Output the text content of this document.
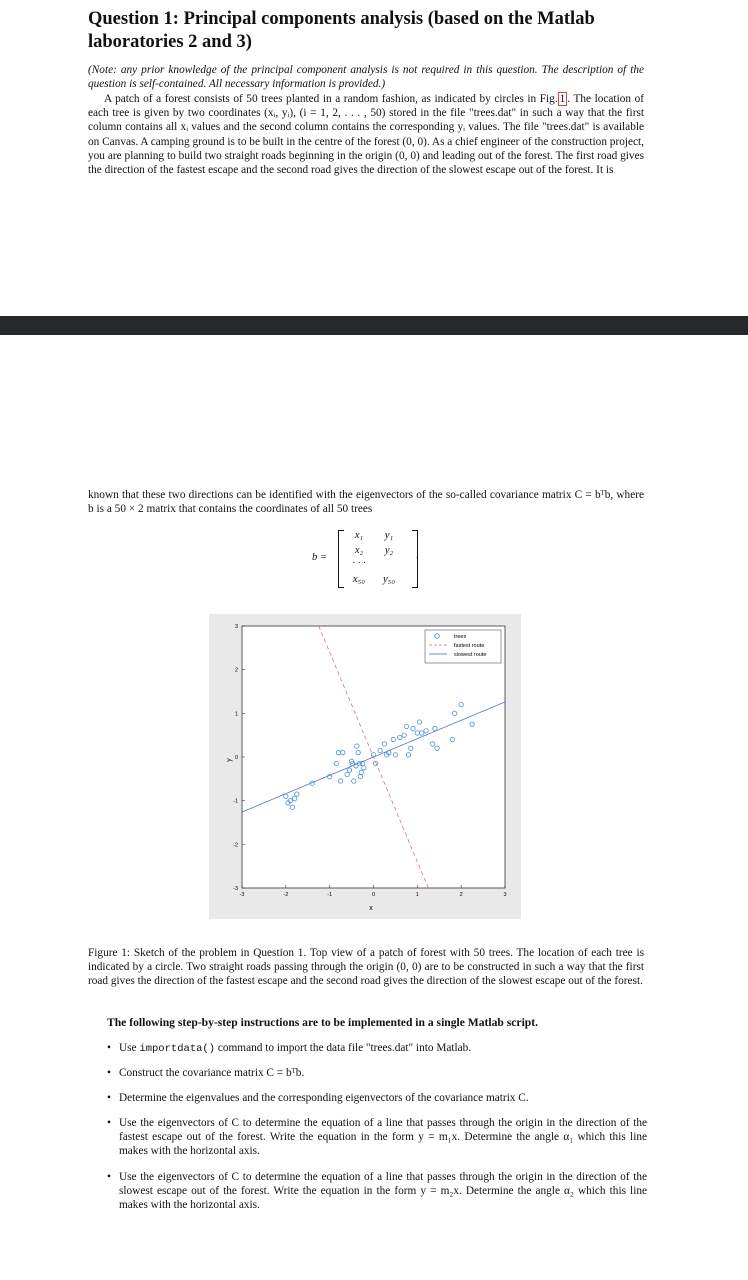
Question 1: Principal components analysis (based on the Matlab laboratories 2 and 3)
(Note: any prior knowledge of the principal component analysis is not required in this question. The description of the question is self-contained. All necessary information is provided.)
A patch of a forest consists of 50 trees planted in a random fashion, as indicated by circles in Fig. 1 . The location of each tree is given by two coordinates (xᵢ, yᵢ), (i = 1, 2, . . . , 50) stored in the file "trees.dat" in such a way that the first column contains all xᵢ values and the second column contains the corresponding yᵢ values. The file "trees.dat" is available on Canvas. A camping ground is to be built in the centre of the forest (0, 0). As a chief engineer of the construction project, you are planning to build two straight roads beginning in the origin (0, 0) and leading out of the forest. The first road gives the direction of the fastest escape and the second road gives the direction of the slowest escape out of the forest. It is
known that these two directions can be identified with the eigenvectors of the so-called covariance matrix C = bᵀb, where b is a 50 × 2 matrix that contains the coordinates of all 50 trees
b =
x₁	y₁
x₂	y₂
· · ·
x₅₀	y₅₀
.
-3	-2	-1	0	1	2	3
-3
-2
-1
0
1
2
3
x
y
trees
fastest route
slowest route
Figure 1: Sketch of the problem in Question 1. Top view of a patch of forest with 50 trees. The location of each tree is indicated by a circle. Two straight roads passing through the origin (0, 0) are to be constructed in such a way that the first road gives the direction of the fastest escape and the second road gives the direction of the slowest escape out of the forest.
The following step-by-step instructions are to be implemented in a single Matlab script.
• Use importdata() command to import the data file "trees.dat" into Matlab.
• Construct the covariance matrix C = bᵀb.
• Determine the eigenvalues and the corresponding eigenvectors of the covariance matrix C.
• Use the eigenvectors of C to determine the equation of a line that passes through the origin in the direction of the fastest escape out of the forest. Write the equation in the form y = m₁x. Determine the angle α₁ which this line makes with the horizontal axis.
• Use the eigenvectors of C to determine the equation of a line that passes through the origin in the direction of the slowest escape out of the forest. Write the equation in the form y = m₂x. Determine the angle α₂ which this line makes with the horizontal axis.
